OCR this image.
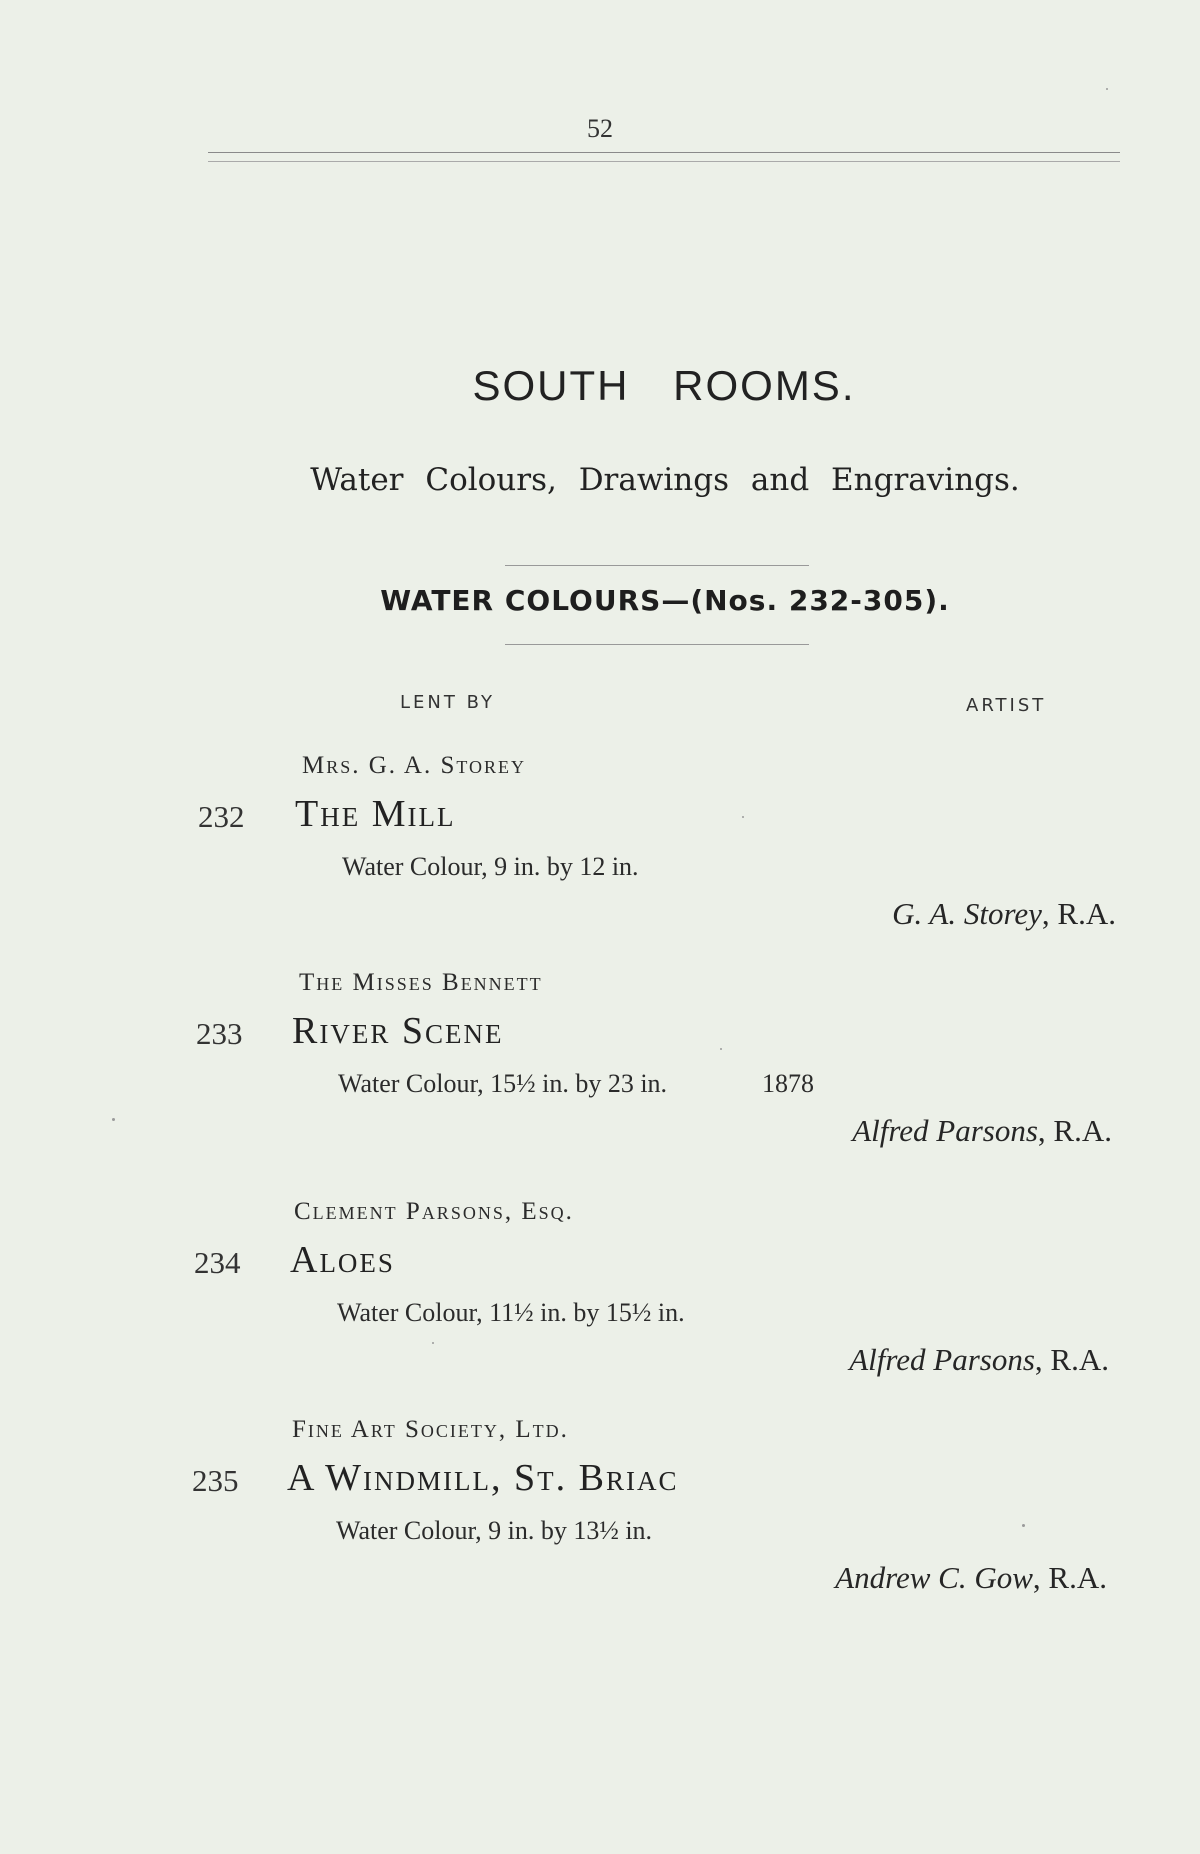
52
SOUTH ROOMS.
Water Colours, Drawings and Engravings.
WATER COLOURS—(Nos. 232-305).
LENT BY	ARTIST
Mrs. G. A. Storey
232 The Mill
Water Colour, 9 in. by 12 in.
G. A. Storey, R.A.
The Misses Bennett
233 River Scene
Water Colour, 15½ in. by 23 in.	1878
Alfred Parsons, R.A.
Clement Parsons, Esq.
234 Aloes
Water Colour, 11½ in. by 15½ in.
Alfred Parsons, R.A.
Fine Art Society, Ltd.
235 A Windmill, St. Briac
Water Colour, 9 in. by 13½ in.
Andrew C. Gow, R.A.
